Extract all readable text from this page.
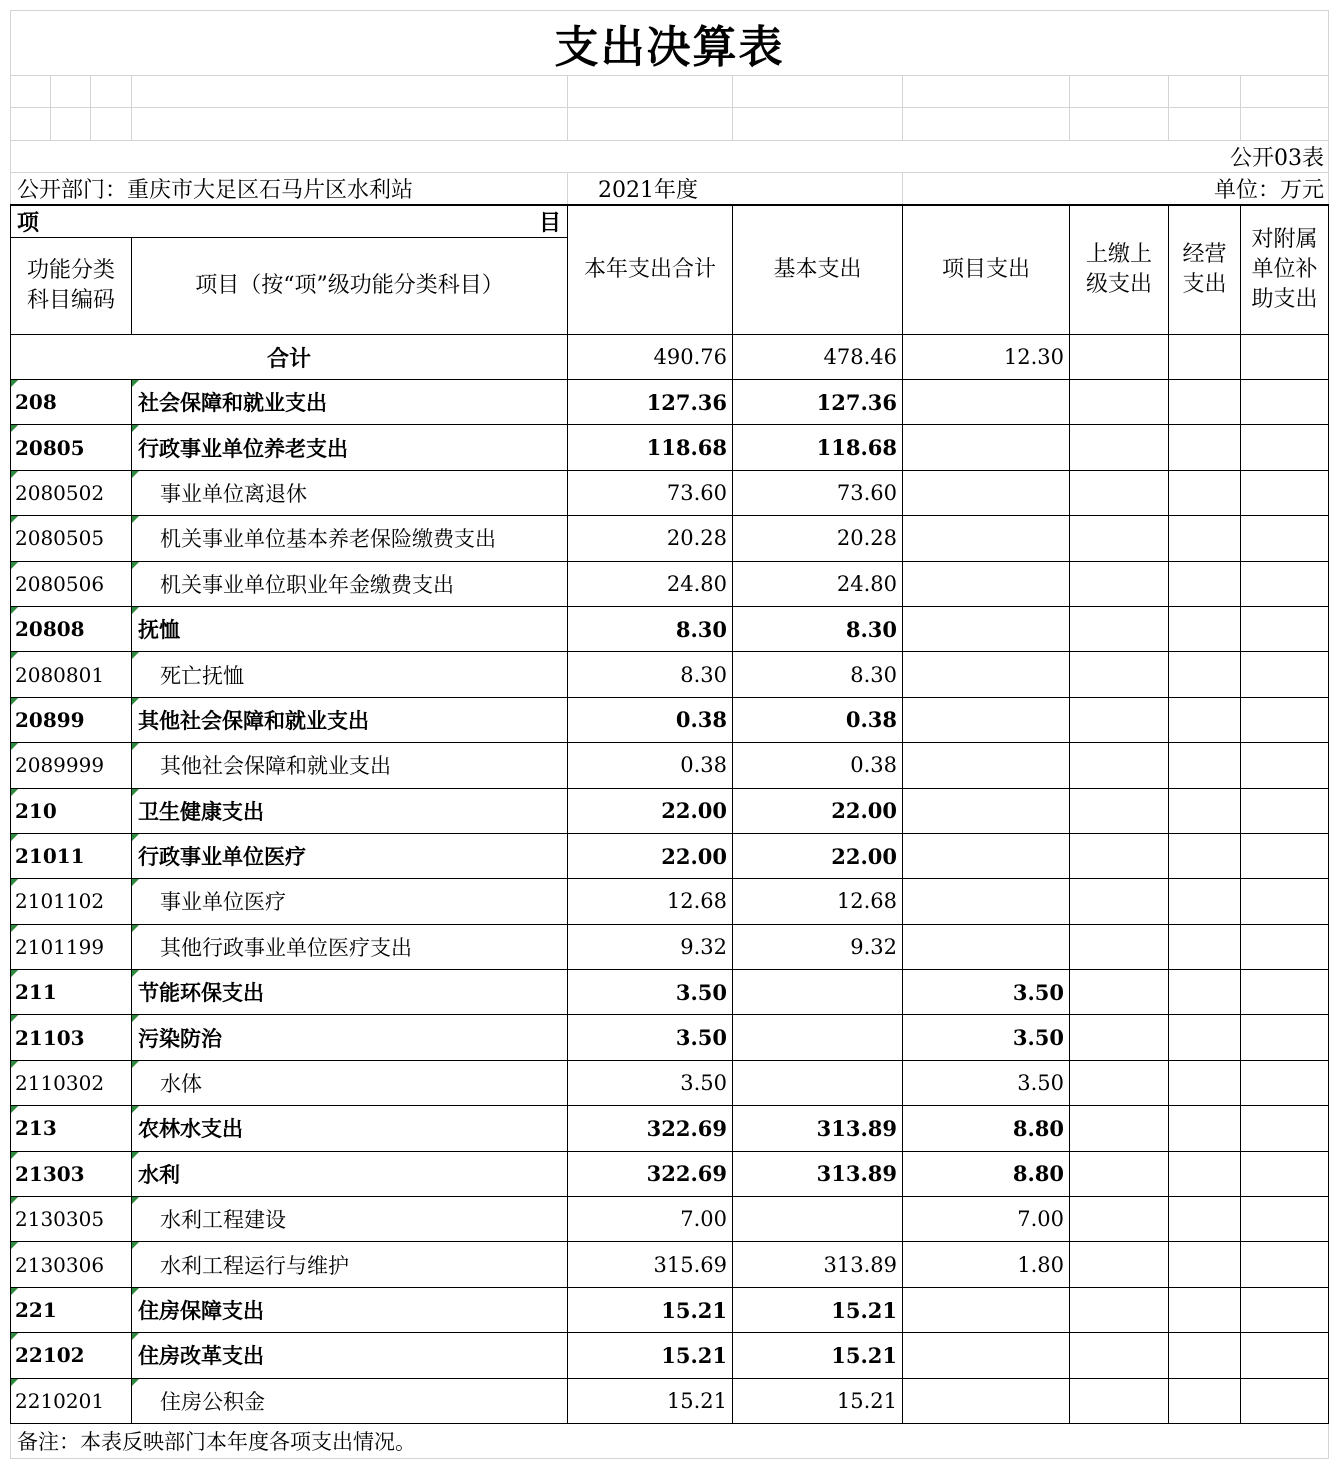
支出决算表									

公开03表									
公开部门：重庆市大足区石马片区水利站				2021年度		单位：万元			
项 目				本年支出合计	基本支出	项目支出	上缴上级支出	经营支出	对附属单位补助支出
功能分类科目编码			项目（按“项”级功能分类科目）						
合计				490.76	478.46	12.30			
208			社会保障和就业支出	127.36	127.36				
20805			行政事业单位养老支出	118.68	118.68				
2080502			事业单位离退休	73.60	73.60				
2080505			机关事业单位基本养老保险缴费支出	20.28	20.28				
2080506			机关事业单位职业年金缴费支出	24.80	24.80				
20808			抚恤	8.30	8.30				
2080801			死亡抚恤	8.30	8.30				
20899			其他社会保障和就业支出	0.38	0.38				
2089999			其他社会保障和就业支出	0.38	0.38				
210			卫生健康支出	22.00	22.00				
21011			行政事业单位医疗	22.00	22.00				
2101102			事业单位医疗	12.68	12.68				
2101199			其他行政事业单位医疗支出	9.32	9.32				
211			节能环保支出	3.50		3.50			
21103			污染防治	3.50		3.50			
2110302			水体	3.50		3.50			
213			农林水支出	322.69	313.89	8.80			
21303			水利	322.69	313.89	8.80			
2130305			水利工程建设	7.00		7.00			
2130306			水利工程运行与维护	315.69	313.89	1.80			
221			住房保障支出	15.21	15.21				
22102			住房改革支出	15.21	15.21				
2210201			住房公积金	15.21	15.21				
备注：本表反映部门本年度各项支出情况。									
